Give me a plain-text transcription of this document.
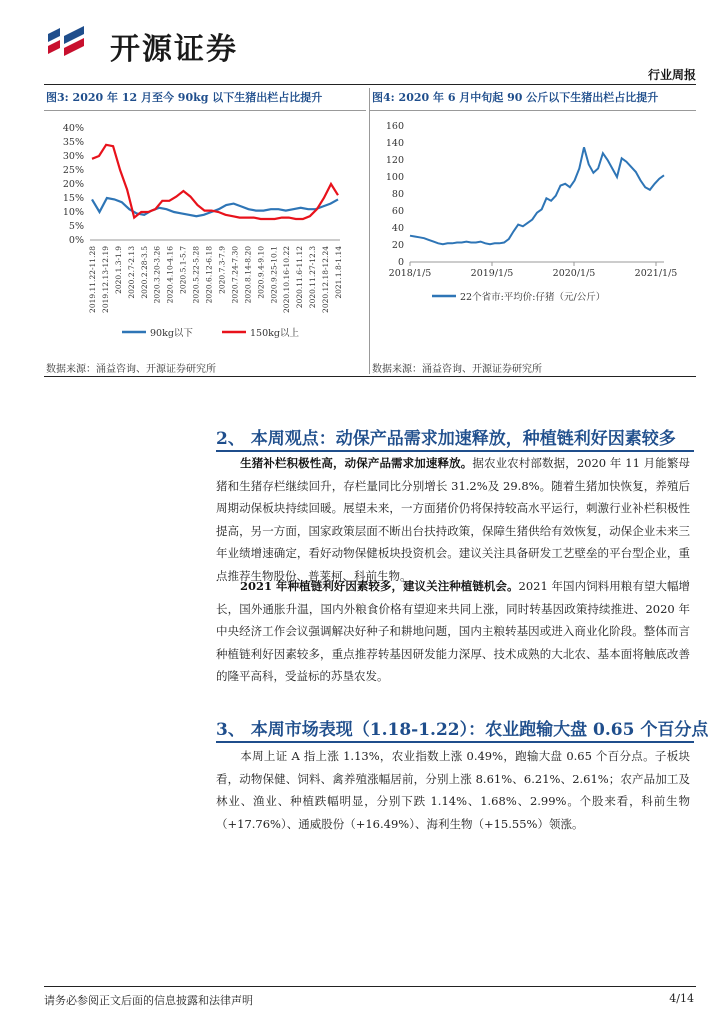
开源证券
行业周报
图3: 2020 年 12 月至今 90kg 以下生猪出栏占比提升
40%
35%
30%
25%
20%
15%
10%
5%
0%
2019.11.22-11.28 2019.12.13-12.19 2020.1.3-1.9 2020.2.7-2.13 2020.2.28-3.5 2020.3.20-3.26 2020.4.10-4.16 2020.5.1-5.7 2020.5.22-5.28 2020.6.12-6.18 2020.7.3-7.9 2020.7.24-7.30 2020.8.14-8.20 2020.9.4-9.10 2020.9.25-10.1 2020.10.16-10.22 2020.11.6-11.12 2020.11.27-12.3 2020.12.18-12.24 2021.1.8-1.14
90kg以下	150kg以上
数据来源：涌益咨询、开源证券研究所
图4: 2020 年 6 月中旬起 90 公斤以下生猪出栏占比提升
160
140
120
100
80
60
40
20
0
2018/1/5	2019/1/5	2020/1/5	2021/1/5
22个省市:平均价:仔猪（元/公斤）
数据来源：涌益咨询、开源证券研究所
2、 本周观点：动保产品需求加速释放，种植链利好因素较多
生猪补栏积极性高，动保产品需求加速释放。据农业农村部数据，2020 年 11 月能繁母猪和生猪存栏继续回升，存栏量同比分别增长 31.2%及 29.8%。随着生猪加快恢复，养殖后周期动保板块持续回暖。展望未来，一方面猪价仍将保持较高水平运行，刺激行业补栏积极性提高，另一方面，国家政策层面不断出台扶持政策，保障生猪供给有效恢复，动保企业未来三年业绩增速确定，看好动物保健板块投资机会。建议关注具备研发工艺壁垒的平台型企业，重点推荐生物股份、普莱柯、科前生物。
2021 年种植链利好因素较多，建议关注种植链机会。2021 年国内饲料用粮有望大幅增长，国外通胀升温，国内外粮食价格有望迎来共同上涨，同时转基因政策持续推进、2020 年中央经济工作会议强调解决好种子和耕地问题，国内主粮转基因或进入商业化阶段。整体而言种植链利好因素较多，重点推荐转基因研发能力深厚、技术成熟的大北农、基本面将触底改善的隆平高科，受益标的苏垦农发。
3、 本周市场表现（1.18-1.22）：农业跑输大盘 0.65 个百分点
本周上证 A 指上涨 1.13%，农业指数上涨 0.49%，跑输大盘 0.65 个百分点。子板块看，动物保健、饲料、禽养殖涨幅居前，分别上涨 8.61%、6.21%、2.61%；农产品加工及林业、渔业、种植跌幅明显，分别下跌 1.14%、1.68%、2.99%。个股来看，科前生物（+17.76%）、通威股份（+16.49%）、海利生物（+15.55%）领涨。
请务必参阅正文后面的信息披露和法律声明	4/14
